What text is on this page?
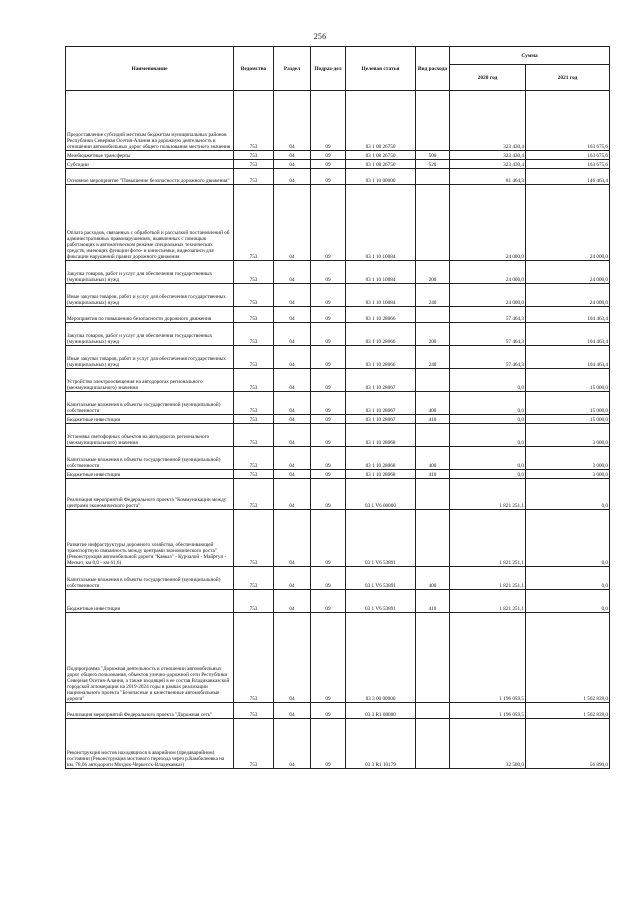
256
Наименование	Ведомство	Раздел	Подраз-дел	Целевая статья	Вид расхода	Сумма	
						2020 год	2021 год
Предоставление субсидий местным бюджетам муниципальных районов Республики Северная Осетия-Алания на дорожную деятельность в отношении автомобильных дорог общего пользования местного значения	753	04	09	03 1 08 26750		323 430,4	163 675,6
Межбюджетные трансферты	753	04	09	03 1 08 26750	500	323 430,4	163 675,6
Субсидии	753	04	09	03 1 08 26750	520	323 430,4	163 675,6
Основное мероприятие "Повышение безопасности дорожного движения"	753	04	09	03 1 10 00000		81 464,3	146 463,4
Оплата расходов, связанных с обработкой и рассылкой постановлений об административных правонарушениях, выявленных с помощью работающих в автоматическом режиме специальных технических средств, имеющих функции фото- и киносъемки, видеозаписи для фиксации нарушений правил дорожного движения	753	04	09	03 1 10 10084		24 000,0	24 000,0
Закупка товаров, работ и услуг для обеспечения государственных (муниципальных) нужд	753	04	09	03 1 10 10084	200	24 000,0	24 000,0
Иные закупки товаров, работ и услуг для обеспечения государственных (муниципальных) нужд	753	04	09	03 1 10 10084	240	24 000,0	24 000,0
Мероприятия по повышению безопасности дорожного движения	753	04	09	03 1 10 28066		57 464,3	104 463,4
Закупка товаров, работ и услуг для обеспечения государственных (муниципальных) нужд	753	04	09	03 1 10 28066	200	57 464,3	104 463,4
Иные закупки товаров, работ и услуг для обеспечения государственных (муниципальных) нужд	753	04	09	03 1 10 28066	240	57 464,3	104 463,4
Устройство электроосвещения на автодорогах регионального (межмуниципального) значения	753	04	09	03 1 10 28067		0,0	15 000,0
Капитальные вложения в объекты государственной (муниципальной) собственности	753	04	09	03 1 10 28067	400	0,0	15 000,0
Бюджетные инвестиции	753	04	09	03 1 10 28067	410	0,0	15 000,0
Установка светофорных объектов на автодорогах регионального (межмуниципального) значения	753	04	09	03 1 10 28068		0,0	3 000,0
Капитальные вложения в объекты государственной (муниципальной) собственности	753	04	09	03 1 10 28068	400	0,0	3 000,0
Бюджетные инвестиции	753	04	09	03 1 10 28068	410	0,0	3 000,0
Реализация мероприятий Федерального проекта "Коммуникации между центрами экономического роста"	753	04	09	03 1 V6 00000		1 821 251,1	0,0
Развитие инфраструктуры дорожного хозяйства, обеспечивающей транспортную связанность между центрами экономического роста" (Реконструкция автомобильной дороги "Кавказ" - Курчалой - Майртуп - Мескет, км 0,0 - км 61,6)	753	04	09	03 1 V6 53891		1 821 251,1	0,0
Капитальные вложения в объекты государственной (муниципальной) собственности	753	04	09	03 1 V6 53891	400	1 821 251,1	0,0
Бюджетные инвестиции	753	04	09	03 1 V6 53891	410	1 821 251,1	0,0
Подпрограмма "Дорожная деятельность в отношении автомобильных дорог общего пользования, объектов улично-дорожной сети Республики Северная Осетия-Алания, а также входящей в ее состав Владикавказской городской агломерации на 2019-2024 годы в рамках реализации национального проекта "Безопасные и качественные автомобильные дороги"	753	04	09	03 3 00 00000		1 196 059,5	1 562 839,0
Реализация мероприятий Федерального проекта "Дорожная сеть"	753	04	09	03 3 R1 00000		1 196 059,5	1 562 839,0
Реконструкция мостов находящихся в аварийном (предаварийном) состоянии (Реконструкция мостового перехода через р.Камбилеевка на км. 78,06 автодороги Моздок-Черкесск-Владикавказ)	753	04	09	03 3 R1 10179		32 500,0	56 890,0
